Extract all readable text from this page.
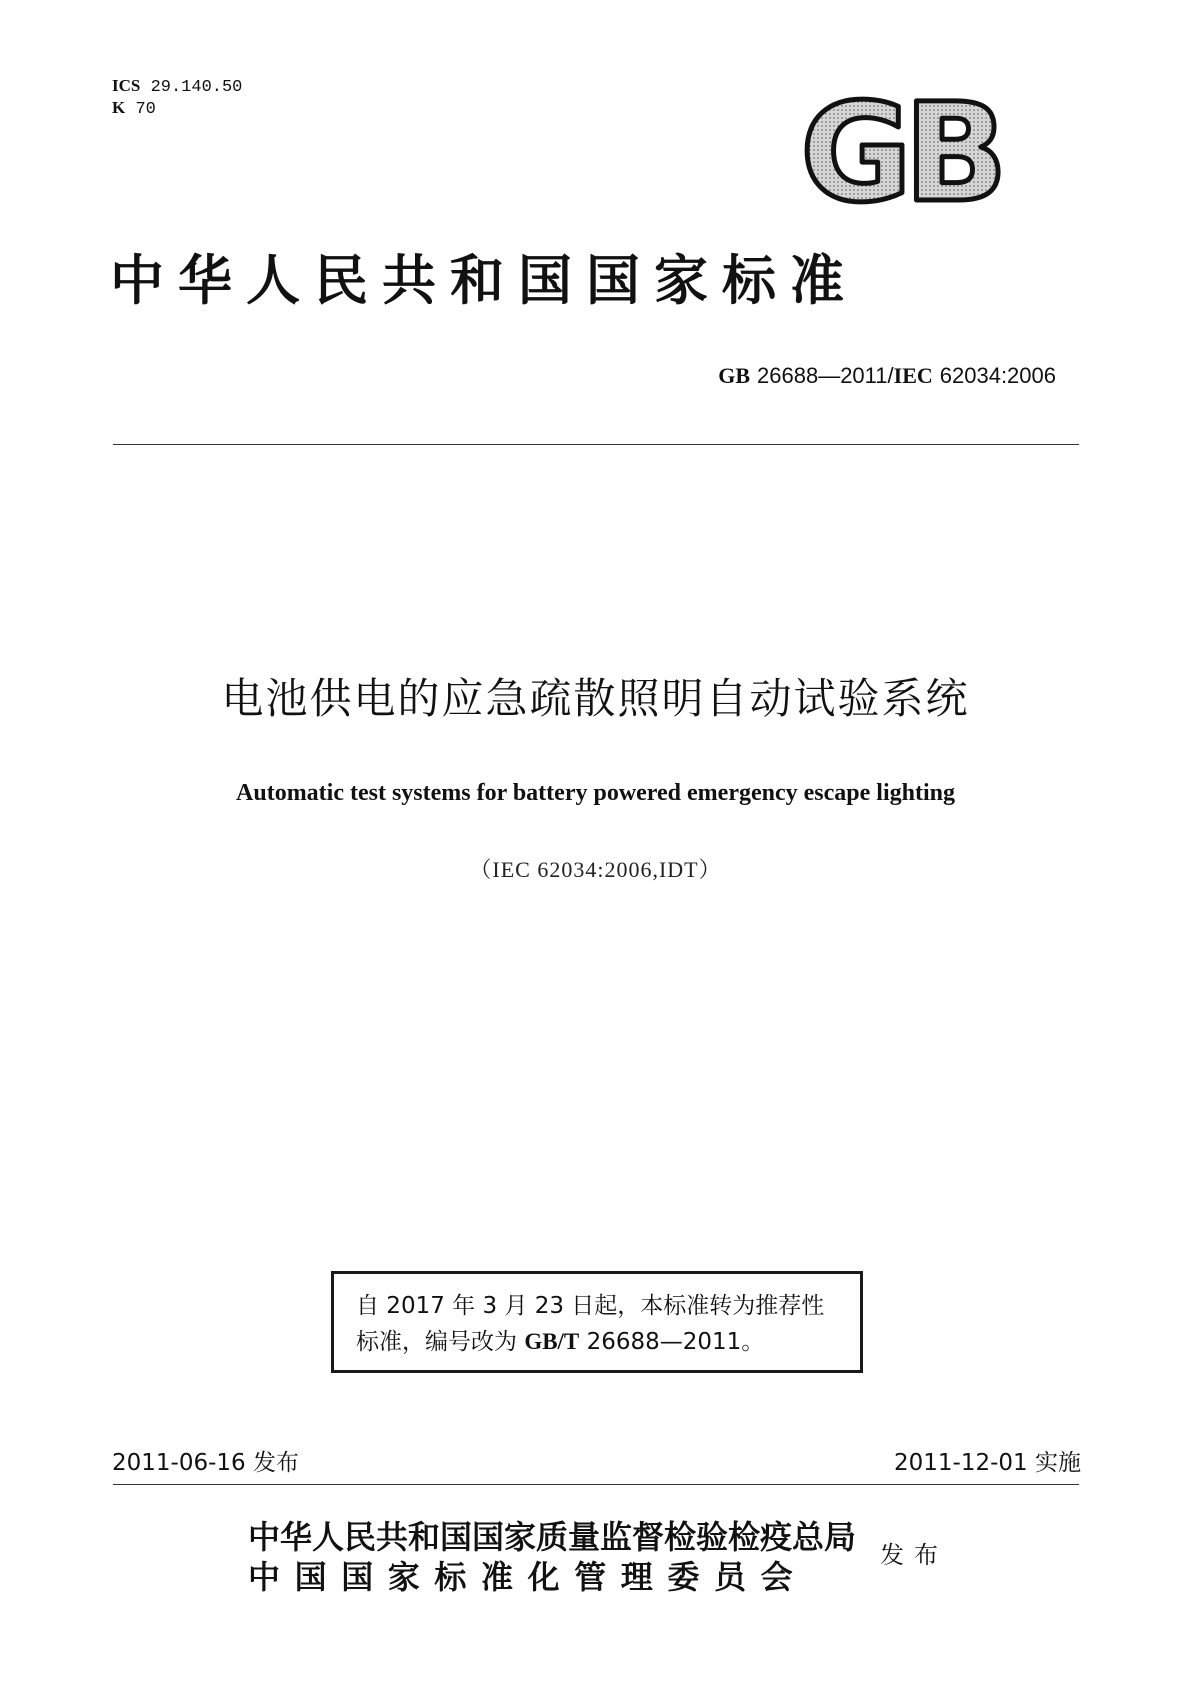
ICS 29.140.50
K 70	GB
中华人民共和国国家标准
GB 26688—2011/IEC 62034:2006
电池供电的应急疏散照明自动试验系统
Automatic test systems for battery powered emergency escape lighting
（IEC 62034:2006,IDT）
自 2017 年 3 月 23 日起，本标准转为推荐性
标准，编号改为 GB/T 26688—2011。
2011-06-16 发布	2011-12-01 实施
中华人民共和国国家质量监督检验检疫总局
中国国家标准化管理委员会
发布
